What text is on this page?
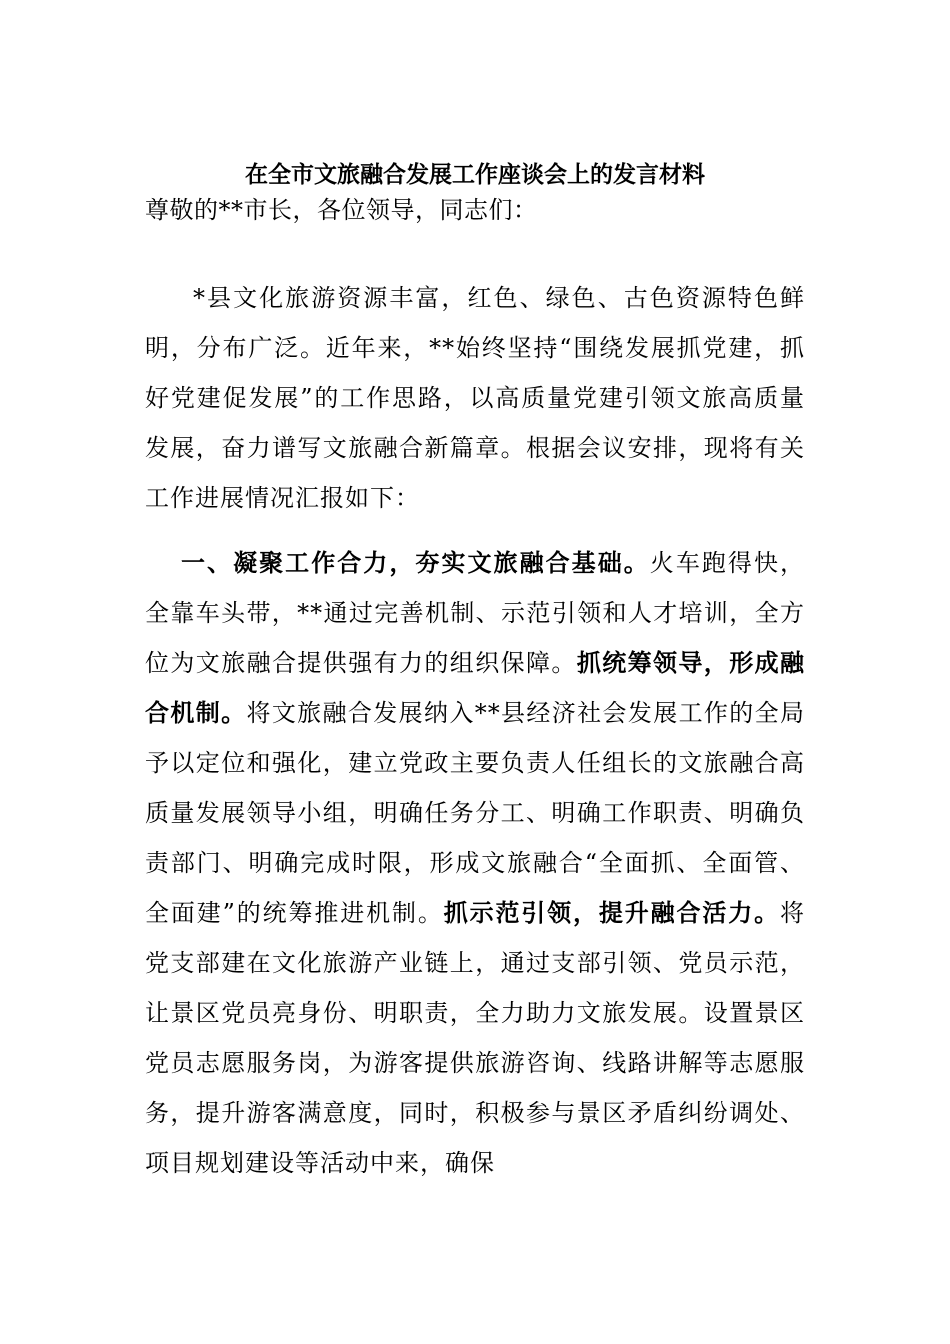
在全市文旅融合发展工作座谈会上的发言材料

尊敬的**市长，各位领导，同志们：

*县文化旅游资源丰富，红色、绿色、古色资源特色鲜明，分布广泛。近年来，**始终坚持“围绕发展抓党建，抓好党建促发展”的工作思路，以高质量党建引领文旅高质量发展，奋力谱写文旅融合新篇章。根据会议安排，现将有关工作进展情况汇报如下：

一、凝聚工作合力，夯实文旅融合基础。火车跑得快，全靠车头带，**通过完善机制、示范引领和人才培训，全方位为文旅融合提供强有力的组织保障。抓统筹领导，形成融合机制。将文旅融合发展纳入**县经济社会发展工作的全局予以定位和强化，建立党政主要负责人任组长的文旅融合高质量发展领导小组，明确任务分工、明确工作职责、明确负责部门、明确完成时限，形成文旅融合“全面抓、全面管、全面建”的统筹推进机制。抓示范引领，提升融合活力。将党支部建在文化旅游产业链上，通过支部引领、党员示范，让景区党员亮身份、明职责，全力助力文旅发展。设置景区党员志愿服务岗，为游客提供旅游咨询、线路讲解等志愿服务，提升游客满意度，同时，积极参与景区矛盾纠纷调处、项目规划建设等活动中来，确保
